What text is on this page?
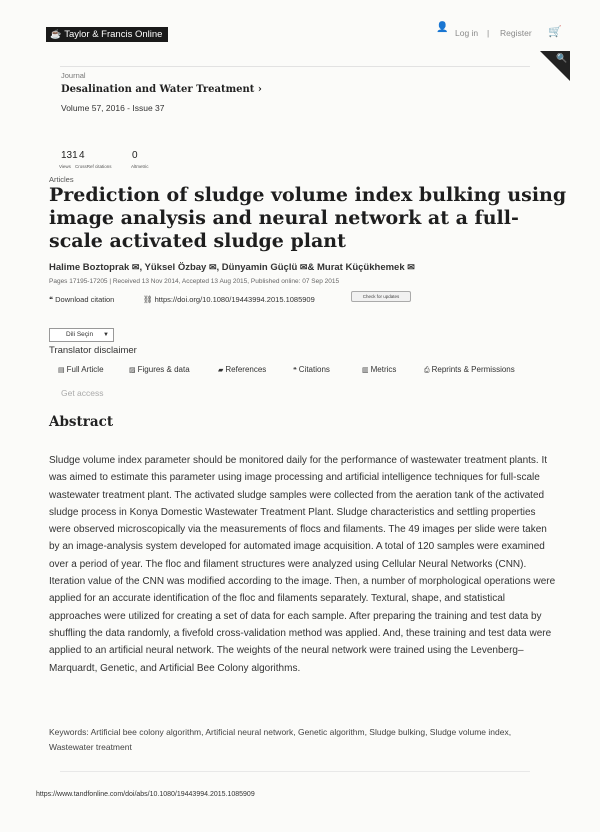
☕ Taylor & Francis Online
👤 Log in | Register 🛒
🔍
Journal
Desalination and Water Treatment ›
Volume 57, 2016 - Issue 37
131 4	0
Views CrossRef citations	Altmetric
Articles
Prediction of sludge volume index bulking using image analysis and neural network at a full-scale activated sludge plant
Halime Boztoprak ✉, Yüksel Özbay ✉, Dünyamin Güçlü ✉& Murat Küçükhemek ✉
Pages 17195-17205 | Received 13 Nov 2014, Accepted 13 Aug 2015, Published online: 07 Sep 2015
❝ Download citation	⛓ https://doi.org/10.1080/19443994.2015.1085909	Check for updates
Dili Seçin ▼
Translator disclaimer
▤ Full Article	▨ Figures & data	▰ References	❝ Citations	▥ Metrics	⎙ Reprints & Permissions
Get access
Abstract
Sludge volume index parameter should be monitored daily for the performance of wastewater treatment plants. It was aimed to estimate this parameter using image processing and artificial intelligence techniques for full-scale wastewater treatment plant. The activated sludge samples were collected from the aeration tank of the activated sludge process in Konya Domestic Wastewater Treatment Plant. Sludge characteristics and settling properties were observed microscopically via the measurements of flocs and filaments. The 49 images per slide were taken by an image-analysis system developed for automated image acquisition. A total of 120 samples were examined over a period of year. The floc and filament structures were analyzed using Cellular Neural Networks (CNN). Iteration value of the CNN was modified according to the image. Then, a number of morphological operations were applied for an accurate identification of the floc and filaments separately. Textural, shape, and statistical approaches were utilized for creating a set of data for each sample. After preparing the training and test data by shuffling the data randomly, a fivefold cross-validation method was applied. And, these training and test data were applied to an artificial neural network. The weights of the neural network were trained using the Levenberg–Marquardt, Genetic, and Artificial Bee Colony algorithms.
Keywords: Artificial bee colony algorithm, Artificial neural network, Genetic algorithm, Sludge bulking, Sludge volume index, Wastewater treatment
https://www.tandfonline.com/doi/abs/10.1080/19443994.2015.1085909
